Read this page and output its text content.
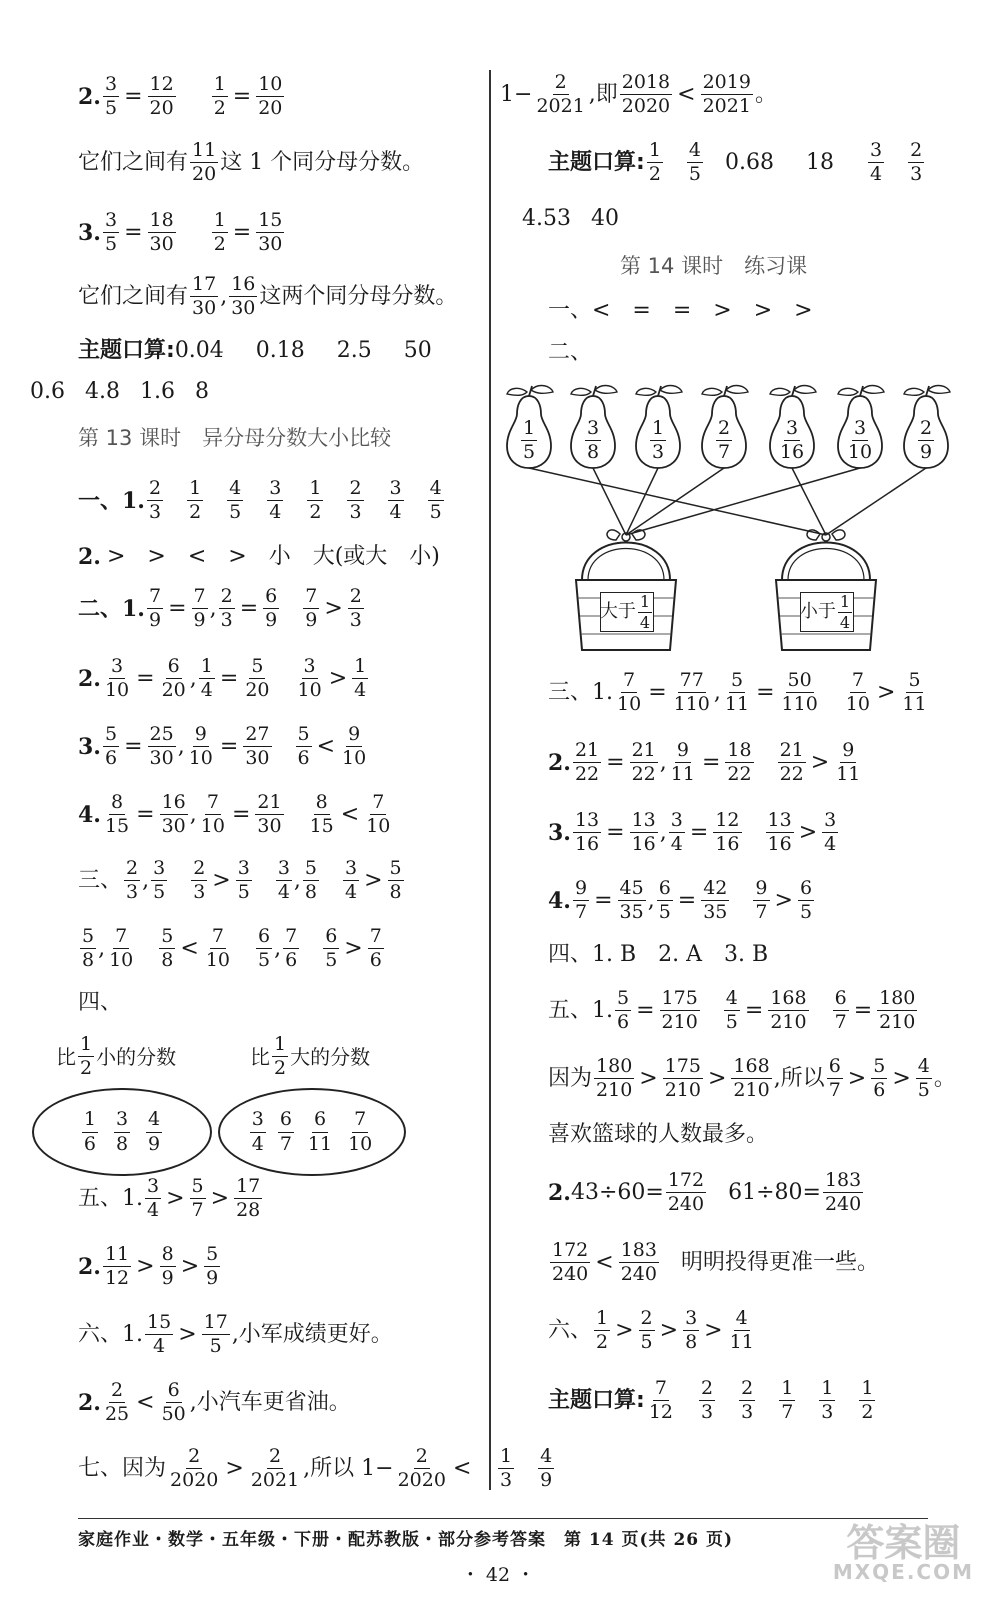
2. $\frac{3}{5} = \frac{12}{20} \frac{1}{2} = \frac{10}{20}$
它们之间有 $\frac{11}{20}$ 这 1 个同分母分数。
3. $\frac{3}{5} = \frac{18}{30} \frac{1}{2} = \frac{15}{30}$
它们之间有 $\frac{17}{30}$ , $\frac{16}{30}$ 这两个同分母分数。
主题口算: 0.04 0.18 2.5 50
0.6 4.8 1.6 8
第 13 课时　异分母分数大小比较
一、1. $\frac{2}{3} \frac{1}{2} \frac{4}{5} \frac{3}{4} \frac{1}{2} \frac{2}{3} \frac{3}{4} \frac{4}{5}$
2. >　>　<　>　小　大(或大　小)
二、1. $\frac{7}{9} = \frac{7}{9}$ , $\frac{2}{3} = \frac{6}{9} \frac{7}{9} > \frac{2}{3}$
2. $\frac{3}{10} = \frac{6}{20}$ , $\frac{1}{4} = \frac{5}{20} \frac{3}{10} > \frac{1}{4}$
3. $\frac{5}{6} = \frac{25}{30}$ , $\frac{9}{10} = \frac{27}{30} \frac{5}{6} < \frac{9}{10}$
4. $\frac{8}{15} = \frac{16}{30}$ , $\frac{7}{10} = \frac{21}{30} \frac{8}{15} < \frac{7}{10}$
三、 $\frac{2}{3}$ , $\frac{3}{5} \frac{2}{3} > \frac{3}{5} \frac{3}{4}$ , $\frac{5}{8} \frac{3}{4} > \frac{5}{8}$
$\frac{5}{8}$ , $\frac{7}{10} \frac{5}{8} < \frac{7}{10} \frac{6}{5}$ , $\frac{7}{6} \frac{6}{5} > \frac{7}{6}$
四、
比 $\frac{1}{2}$ 小的分数	比 $\frac{1}{2}$ 大的分数
$\frac{1}{6} \frac{3}{8} \frac{4}{9}$	$\frac{3}{4} \frac{6}{7} \frac{6}{11} \frac{7}{10}$
五、1. $\frac{3}{4} > \frac{5}{7} > \frac{17}{28}$
2. $\frac{11}{12} > \frac{8}{9} > \frac{5}{9}$
六、1. $\frac{15}{4} > \frac{17}{5}$ ,小军成绩更好。
2. $\frac{2}{25} < \frac{6}{50}$ ,小汽车更省油。
七、因为 $\frac{2}{2020} > \frac{2}{2021}$ ,所以 $1- \frac{2}{2020} < \frac{1}{3} \frac{4}{9}$
$1- \frac{2}{2021}$ ,即 $\frac{2018}{2020} < \frac{2019}{2021}$ 。
主题口算: $\frac{1}{2} \frac{4}{5} 0.68$ $18 \frac{3}{4} \frac{2}{3}$
4.53 40
第 14 课时　练习课
一、<　=　=　>　>　>
二、
$\frac{1}{5}$	$\frac{3}{8}$	$\frac{1}{3}$	$\frac{2}{7} \frac{3}{16} \frac{3}{10} \frac{2}{9}$
大于 $\frac{1}{4}$	小于 $\frac{1}{4}$
三、1. $\frac{7}{10} = \frac{77}{110}$ , $\frac{5}{11} = \frac{50}{110} \frac{7}{10} > \frac{5}{11}$
2. $\frac{21}{22} = \frac{21}{22}$ , $\frac{9}{11} = \frac{18}{22} \frac{21}{22} > \frac{9}{11}$
3. $\frac{13}{16} = \frac{13}{16}$ , $\frac{3}{4} = \frac{12}{16} \frac{13}{16} > \frac{3}{4}$
4. $\frac{9}{7} = \frac{45}{35}$ , $\frac{6}{5} = \frac{42}{35} \frac{9}{7} > \frac{6}{5}$
四、1. B　2. A　3. B
五、1. $\frac{5}{6} = \frac{175}{210} \frac{4}{5} = \frac{168}{210} \frac{6}{7} = \frac{180}{210}$
因为 $\frac{180}{210} > \frac{175}{210} > \frac{168}{210}$ ,所以 $\frac{6}{7} > \frac{5}{6} > \frac{4}{5}$ 。
喜欢篮球的人数最多。
2. $43\div 60= \frac{172}{240} 61\div 80= \frac{183}{240}$
$\frac{172}{240} < \frac{183}{240}$ 明明投得更准一些。
六、 $\frac{1}{2} > \frac{2}{5} > \frac{3}{8} > \frac{4}{11}$
主题口算: $\frac{7}{12} \frac{2}{3} \frac{2}{3} \frac{1}{7} \frac{1}{3} \frac{1}{2}$
家庭作业・数学・五年级・下册・配苏教版・部分参考答案　第 14 页(共 26 页)
・ 42 ・
答案圈
MXQE.COM
